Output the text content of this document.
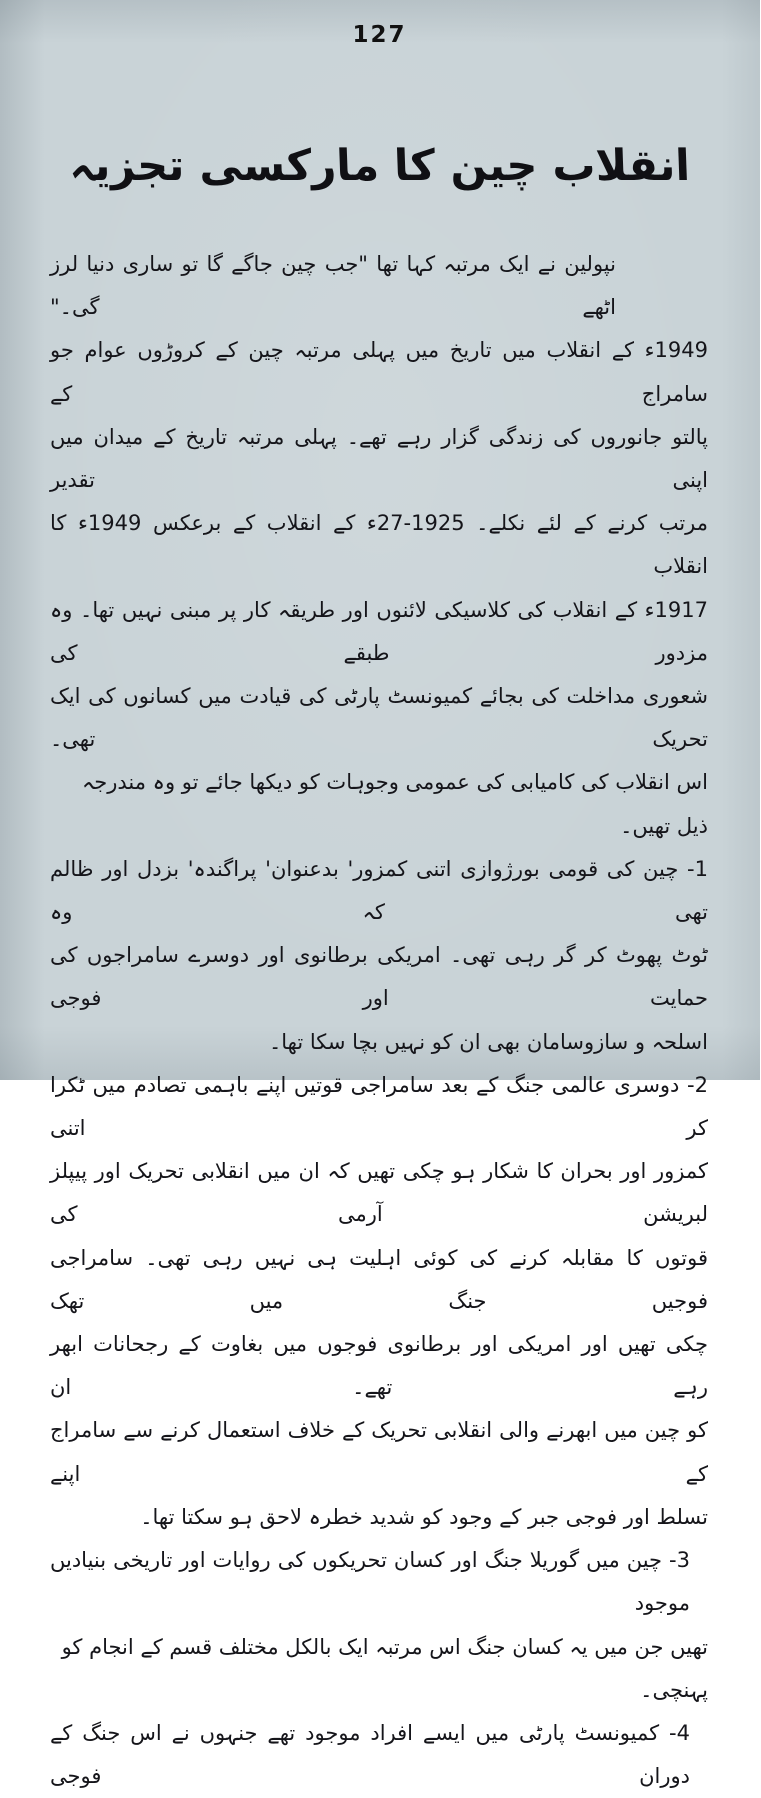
127
انقلاب چین کا مارکسی تجزیہ
نپولین نے ایک مرتبہ کہا تھا "جب چین جاگے گا تو ساری دنیا لرز اٹھے گی۔"
1949ء کے انقلاب میں تاریخ میں پہلی مرتبہ چین کے کروڑوں عوام جو سامراج کے
پالتو جانوروں کی زندگی گزار رہے تھے۔ پہلی مرتبہ تاریخ کے میدان میں اپنی تقدیر
مرتب کرنے کے لئے نکلے۔ 1925-27ء کے انقلاب کے برعکس 1949ء کا انقلاب
1917ء کے انقلاب کی کلاسیکی لائنوں اور طریقہ کار پر مبنی نہیں تھا۔ وہ مزدور طبقے کی
شعوری مداخلت کی بجائے کمیونسٹ پارٹی کی قیادت میں کسانوں کی ایک تحریک تھی۔
اس انقلاب کی کامیابی کی عمومی وجوہات کو دیکھا جائے تو وہ مندرجہ ذیل تھیں۔
1- چین کی قومی بورژوازی اتنی کمزور' بدعنوان' پراگندہ' بزدل اور ظالم تھی کہ وہ
ٹوٹ پھوٹ کر گر رہی تھی۔ امریکی برطانوی اور دوسرے سامراجوں کی حمایت اور فوجی
اسلحہ و سازوسامان بھی ان کو نہیں بچا سکا تھا۔
2- دوسری عالمی جنگ کے بعد سامراجی قوتیں اپنے باہمی تصادم میں ٹکرا کر اتنی
کمزور اور بحران کا شکار ہو چکی تھیں کہ ان میں انقلابی تحریک اور پیپلز لبریشن آرمی کی
قوتوں کا مقابلہ کرنے کی کوئی اہلیت ہی نہیں رہی تھی۔ سامراجی فوجیں جنگ میں تھک
چکی تھیں اور امریکی اور برطانوی فوجوں میں بغاوت کے رجحانات ابھر رہے تھے۔ ان
کو چین میں ابھرنے والی انقلابی تحریک کے خلاف استعمال کرنے سے سامراج کے اپنے
تسلط اور فوجی جبر کے وجود کو شدید خطرہ لاحق ہو سکتا تھا۔
3- چین میں گوریلا جنگ اور کسان تحریکوں کی روایات اور تاریخی بنیادیں موجود
تھیں جن میں یہ کسان جنگ اس مرتبہ ایک بالکل مختلف قسم کے انجام کو پہنچی۔
4- کمیونسٹ پارٹی میں ایسے افراد موجود تھے جنہوں نے اس جنگ کے دوران فوجی
